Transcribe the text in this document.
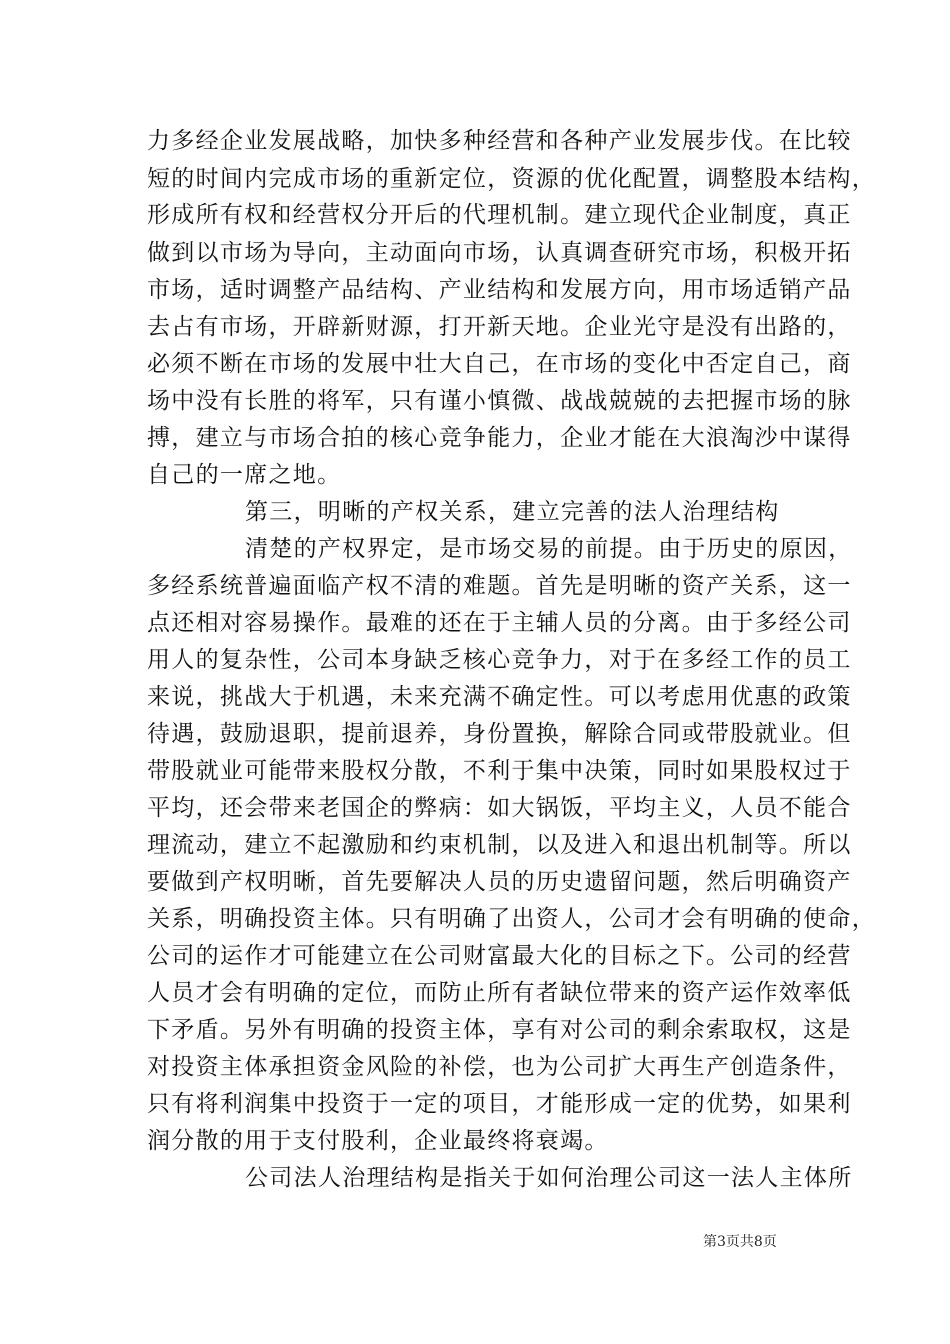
力多经企业发展战略，加快多种经营和各种产业发展步伐。在比较
短的时间内完成市场的重新定位，资源的优化配置，调整股本结构，
形成所有权和经营权分开后的代理机制。建立现代企业制度，真正
做到以市场为导向，主动面向市场，认真调查研究市场，积极开拓
市场，适时调整产品结构、产业结构和发展方向，用市场适销产品
去占有市场，开辟新财源，打开新天地。企业光守是没有出路的，
必须不断在市场的发展中壮大自己，在市场的变化中否定自己，商
场中没有长胜的将军，只有谨小慎微、战战兢兢的去把握市场的脉
搏，建立与市场合拍的核心竞争能力，企业才能在大浪淘沙中谋得
自己的一席之地。
第三，明晰的产权关系，建立完善的法人治理结构
清楚的产权界定，是市场交易的前提。由于历史的原因，
多经系统普遍面临产权不清的难题。首先是明晰的资产关系，这一
点还相对容易操作。最难的还在于主辅人员的分离。由于多经公司
用人的复杂性，公司本身缺乏核心竞争力，对于在多经工作的员工
来说，挑战大于机遇，未来充满不确定性。可以考虑用优惠的政策
待遇，鼓励退职，提前退养，身份置换，解除合同或带股就业。但
带股就业可能带来股权分散，不利于集中决策，同时如果股权过于
平均，还会带来老国企的弊病：如大锅饭，平均主义，人员不能合
理流动，建立不起激励和约束机制，以及进入和退出机制等。所以
要做到产权明晰，首先要解决人员的历史遗留问题，然后明确资产
关系，明确投资主体。只有明确了出资人，公司才会有明确的使命，
公司的运作才可能建立在公司财富最大化的目标之下。公司的经营
人员才会有明确的定位，而防止所有者缺位带来的资产运作效率低
下矛盾。另外有明确的投资主体，享有对公司的剩余索取权，这是
对投资主体承担资金风险的补偿，也为公司扩大再生产创造条件，
只有将利润集中投资于一定的项目，才能形成一定的优势，如果利
润分散的用于支付股利，企业最终将衰竭。
公司法人治理结构是指关于如何治理公司这一法人主体所
第3页共8页
